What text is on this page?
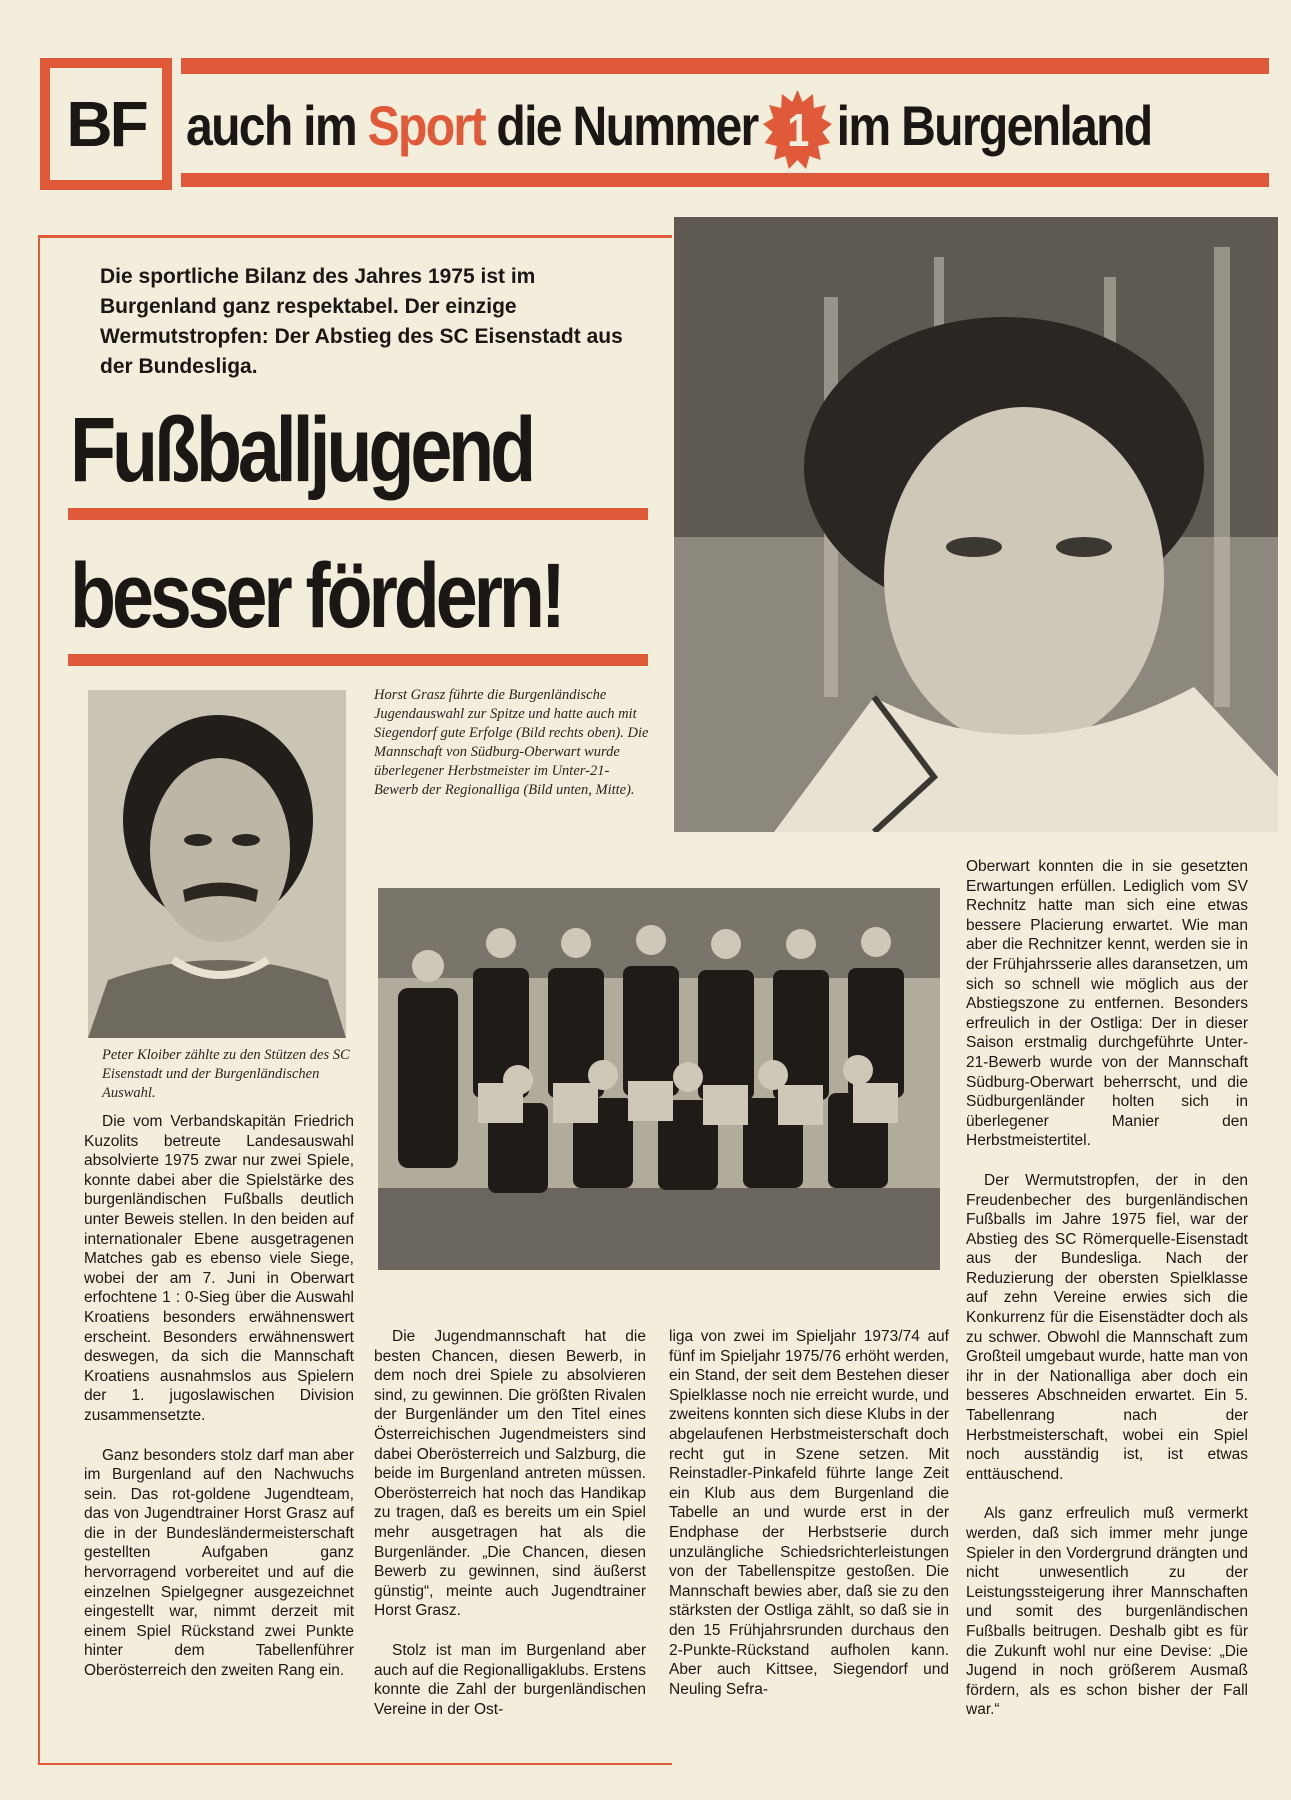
BF auch im Sport die Nummer 1 im Burgenland
Die sportliche Bilanz des Jahres 1975 ist im Burgenland ganz respektabel. Der einzige Wermutstropfen: Der Abstieg des SC Eisenstadt aus der Bundesliga.
Fußballjugend
besser fördern!
Horst Grasz führte die Burgenländische Jugendauswahl zur Spitze und hatte auch mit Siegendorf gute Erfolge (Bild rechts oben). Die Mannschaft von Südburg-Oberwart wurde überlegener Herbstmeister im Unter-21-Bewerb der Regionalliga (Bild unten, Mitte).
Peter Kloiber zählte zu den Stützen des SC Eisenstadt und der Burgenländischen Auswahl.

Die vom Verbandskapitän Friedrich Kuzolits betreute Landesauswahl absolvierte 1975 zwar nur zwei Spiele, konnte dabei aber die Spielstärke des burgenländischen Fußballs deutlich unter Beweis stellen. In den beiden auf internationaler Ebene ausgetragenen Matches gab es ebenso viele Siege, wobei der am 7. Juni in Oberwart erfochtene 1 : 0-Sieg über die Auswahl Kroatiens besonders erwähnenswert erscheint. Besonders erwähnenswert deswegen, da sich die Mannschaft Kroatiens ausnahmslos aus Spielern der 1. jugoslawischen Division zusammensetzte.

Ganz besonders stolz darf man aber im Burgenland auf den Nachwuchs sein. Das rot-goldene Jugendteam, das von Jugendtrainer Horst Grasz auf die in der Bundesländermeisterschaft gestellten Aufgaben ganz hervorragend vorbereitet und auf die einzelnen Spielgegner ausgezeichnet eingestellt war, nimmt derzeit mit einem Spiel Rückstand zwei Punkte hinter dem Tabellenführer Oberösterreich den zweiten Rang ein.

Die Jugendmannschaft hat die besten Chancen, diesen Bewerb, in dem noch drei Spiele zu absolvieren sind, zu gewinnen. Die größten Rivalen der Burgenländer um den Titel eines Österreichischen Jugendmeisters sind dabei Oberösterreich und Salzburg, die beide im Burgenland antreten müssen. Oberösterreich hat noch das Handikap zu tragen, daß es bereits um ein Spiel mehr ausgetragen hat als die Burgenländer. „Die Chancen, diesen Bewerb zu gewinnen, sind äußerst günstig“, meinte auch Jugendtrainer Horst Grasz.

Stolz ist man im Burgenland aber auch auf die Regionalligaklubs. Erstens konnte die Zahl der burgenländischen Vereine in der Ost-

liga von zwei im Spieljahr 1973/74 auf fünf im Spieljahr 1975/76 erhöht werden, ein Stand, der seit dem Bestehen dieser Spielklasse noch nie erreicht wurde, und zweitens konnten sich diese Klubs in der abgelaufenen Herbstmeisterschaft doch recht gut in Szene setzen. Mit Reinstadler-Pinkafeld führte lange Zeit ein Klub aus dem Burgenland die Tabelle an und wurde erst in der Endphase der Herbstserie durch unzulängliche Schiedsrichterleistungen von der Tabellenspitze gestoßen. Die Mannschaft bewies aber, daß sie zu den stärksten der Ostliga zählt, so daß sie in den 15 Frühjahrsrunden durchaus den 2-Punkte-Rückstand aufholen kann. Aber auch Kittsee, Siegendorf und Neuling Sefra-

Oberwart konnten die in sie gesetzten Erwartungen erfüllen. Lediglich vom SV Rechnitz hatte man sich eine etwas bessere Placierung erwartet. Wie man aber die Rechnitzer kennt, werden sie in der Frühjahrsserie alles daransetzen, um sich so schnell wie möglich aus der Abstiegszone zu entfernen. Besonders erfreulich in der Ostliga: Der in dieser Saison erstmalig durchgeführte Unter-21-Bewerb wurde von der Mannschaft Südburg-Oberwart beherrscht, und die Südburgenländer holten sich in überlegener Manier den Herbstmeistertitel.

Der Wermutstropfen, der in den Freudenbecher des burgenländischen Fußballs im Jahre 1975 fiel, war der Abstieg des SC Römerquelle-Eisenstadt aus der Bundesliga. Nach der Reduzierung der obersten Spielklasse auf zehn Vereine erwies sich die Konkurrenz für die Eisenstädter doch als zu schwer. Obwohl die Mannschaft zum Großteil umgebaut wurde, hatte man von ihr in der Nationalliga aber doch ein besseres Abschneiden erwartet. Ein 5. Tabellenrang nach der Herbstmeisterschaft, wobei ein Spiel noch ausständig ist, ist etwas enttäuschend.

Als ganz erfreulich muß vermerkt werden, daß sich immer mehr junge Spieler in den Vordergrund drängten und nicht unwesentlich zu der Leistungssteigerung ihrer Mannschaften und somit des burgenländischen Fußballs beitrugen. Deshalb gibt es für die Zukunft wohl nur eine Devise: „Die Jugend in noch größerem Ausmaß fördern, als es schon bisher der Fall war.“
